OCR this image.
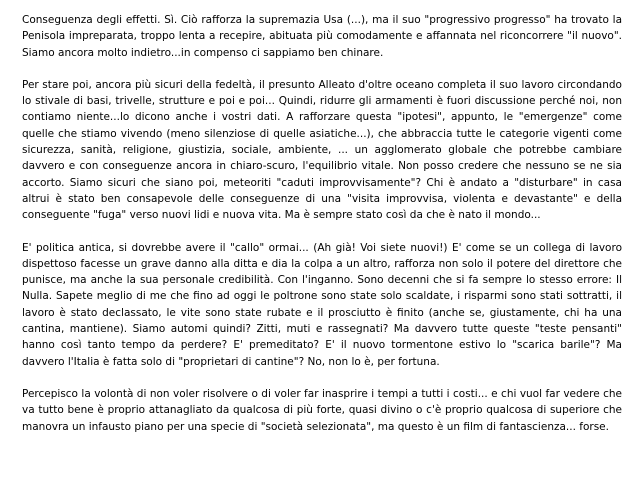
Conseguenza degli effetti. Sì. Ciò rafforza la supremazia Usa (...), ma il suo "progressivo progresso" ha trovato la Penisola impreparata, troppo lenta a recepire, abituata più comodamente e affannata nel riconcorrere "il nuovo". Siamo ancora molto indietro...in compenso ci sappiamo ben chinare.

Per stare poi, ancora più sicuri della fedeltà, il presunto Alleato d'oltre oceano completa il suo lavoro circondando lo stivale di basi, trivelle, strutture e poi e poi... Quindi, ridurre gli armamenti è fuori discussione perché noi, non contiamo niente...lo dicono anche i vostri dati. A rafforzare questa "ipotesi", appunto, le "emergenze" come quelle che stiamo vivendo (meno silenziose di quelle asiatiche...), che abbraccia tutte le categorie vigenti come sicurezza, sanità, religione, giustizia, sociale, ambiente, ... un agglomerato globale che potrebbe cambiare davvero e con conseguenze ancora in chiaro-scuro, l'equilibrio vitale. Non posso credere che nessuno se ne sia accorto. Siamo sicuri che siano poi, meteoriti "caduti improvvisamente"? Chi è andato a "disturbare" in casa altrui è stato ben consapevole delle conseguenze di una "visita improvvisa, violenta e devastante" e della conseguente "fuga" verso nuovi lidi e nuova vita. Ma è sempre stato così da che è nato il mondo...

E' politica antica, si dovrebbe avere il "callo" ormai... (Ah già! Voi siete nuovi!) E' come se un collega di lavoro dispettoso facesse un grave danno alla ditta e dia la colpa a un altro, rafforza non solo il potere del direttore che punisce, ma anche la sua personale credibilità. Con l'inganno. Sono decenni che si fa sempre lo stesso errore: Il Nulla. Sapete meglio di me che fino ad oggi le poltrone sono state solo scaldate, i risparmi sono stati sottratti, il lavoro è stato declassato, le vite sono state rubate e il prosciutto è finito (anche se, giustamente, chi ha una cantina, mantiene). Siamo automi quindi? Zitti, muti e rassegnati? Ma davvero tutte queste "teste pensanti" hanno così tanto tempo da perdere? E' premeditato? E' il nuovo tormentone estivo lo "scarica barile"? Ma davvero l'Italia è fatta solo di "proprietari di cantine"? No, non lo è, per fortuna.

Percepisco la volontà di non voler risolvere o di voler far inasprire i tempi a tutti i costi... e chi vuol far vedere che va tutto bene è proprio attanagliato da qualcosa di più forte, quasi divino o c'è proprio qualcosa di superiore che manovra un infausto piano per una specie di "società selezionata", ma questo è un film di fantascienza... forse.
